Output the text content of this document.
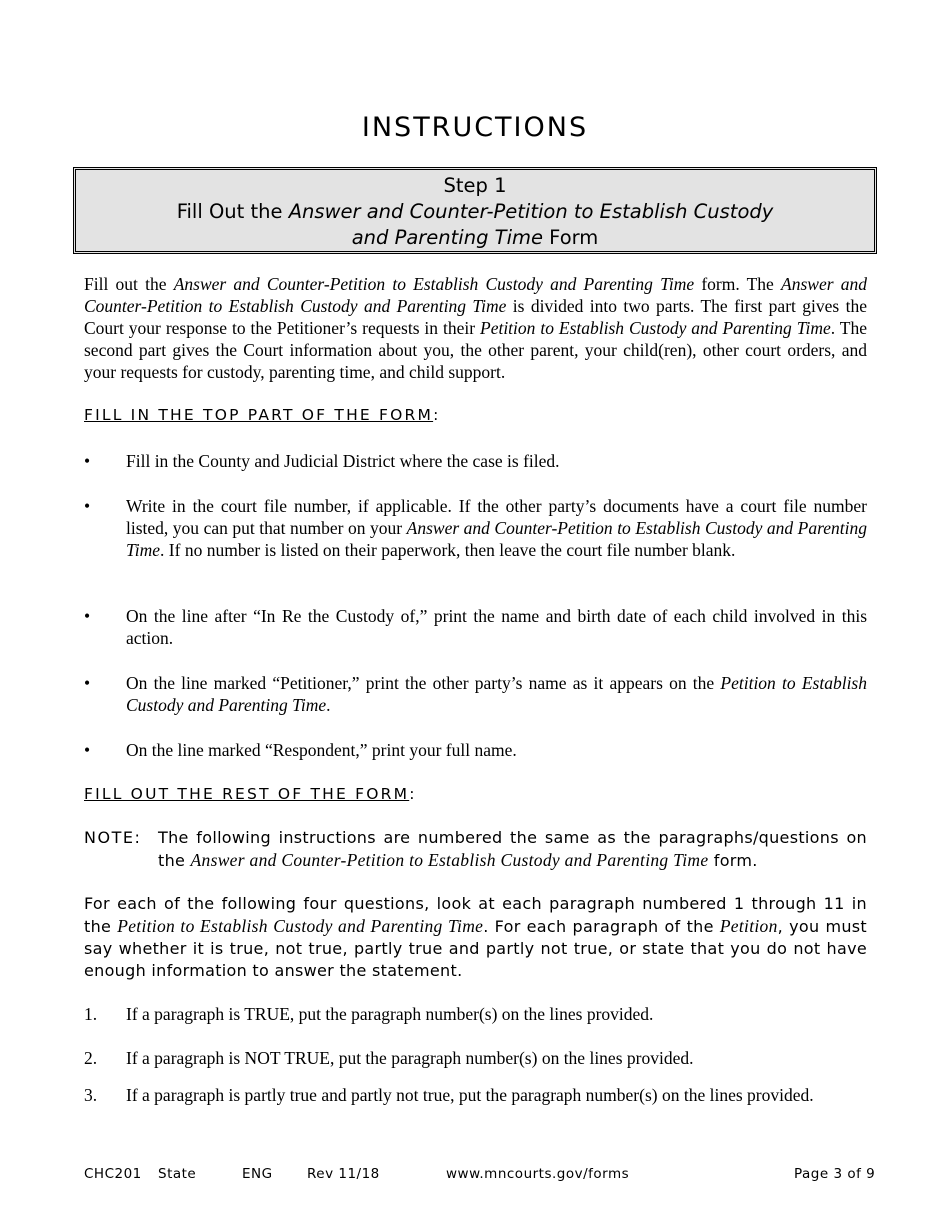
INSTRUCTIONS
Step 1
Fill Out the Answer and Counter-Petition to Establish Custody
and Parenting Time Form
Fill out the Answer and Counter-Petition to Establish Custody and Parenting Time form. The Answer and Counter-Petition to Establish Custody and Parenting Time is divided into two parts. The first part gives the Court your response to the Petitioner’s requests in their Petition to Establish Custody and Parenting Time. The second part gives the Court information about you, the other parent, your child(ren), other court orders, and your requests for custody, parenting time, and child support.
FILL IN THE TOP PART OF THE FORM:
•	Fill in the County and Judicial District where the case is filed.
•	Write in the court file number, if applicable. If the other party’s documents have a court file number listed, you can put that number on your Answer and Counter-Petition to Establish Custody and Parenting Time. If no number is listed on their paperwork, then leave the court file number blank.
•	On the line after “In Re the Custody of,” print the name and birth date of each child involved in this action.
•	On the line marked “Petitioner,” print the other party’s name as it appears on the Petition to Establish Custody and Parenting Time.
•	On the line marked “Respondent,” print your full name.
FILL OUT THE REST OF THE FORM:
NOTE: The following instructions are numbered the same as the paragraphs/questions on the Answer and Counter-Petition to Establish Custody and Parenting Time form.
For each of the following four questions, look at each paragraph numbered 1 through 11 in the Petition to Establish Custody and Parenting Time. For each paragraph of the Petition, you must say whether it is true, not true, partly true and partly not true, or state that you do not have enough information to answer the statement.
1. If a paragraph is TRUE, put the paragraph number(s) on the lines provided.
2. If a paragraph is NOT TRUE, put the paragraph number(s) on the lines provided.
3. If a paragraph is partly true and partly not true, put the paragraph number(s) on the lines provided.
CHC201 State	ENG	Rev 11/18	www.mncourts.gov/forms	Page 3 of 9
